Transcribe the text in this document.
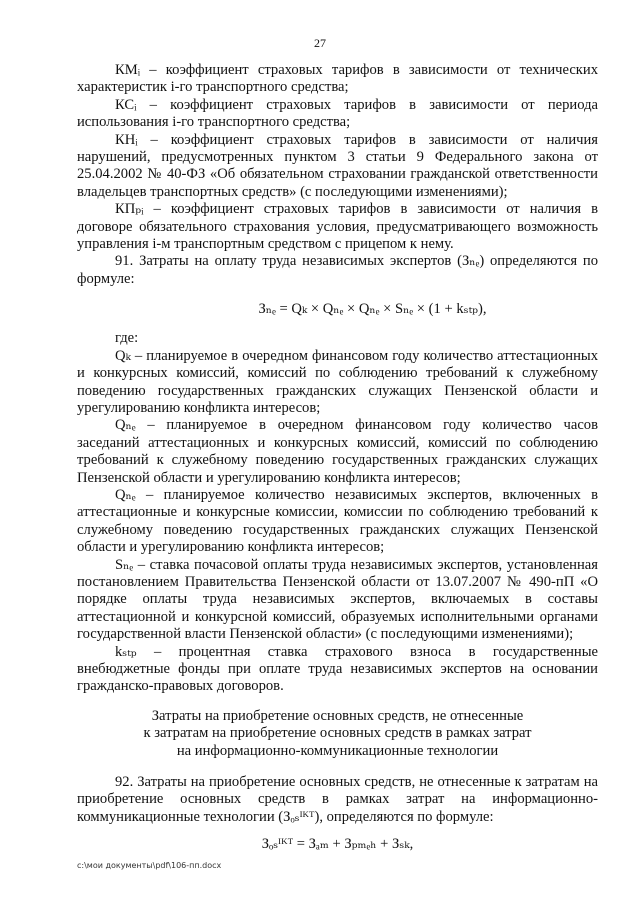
27

КМᵢ – коэффициент страховых тарифов в зависимости от технических характеристик i-го транспортного средства;

КСᵢ – коэффициент страховых тарифов в зависимости от периода использования i-го транспортного средства;

КНᵢ – коэффициент страховых тарифов в зависимости от наличия нарушений, предусмотренных пунктом 3 статьи 9 Федерального закона от 25.04.2002 № 40-ФЗ «Об обязательном страховании гражданской ответственности владельцев транспортных средств» (с последующими изменениями);

КПₚᵢ – коэффициент страховых тарифов в зависимости от наличия в договоре обязательного страхования условия, предусматривающего возможность управления i-м транспортным средством с прицепом к нему.

91. Затраты на оплату труда независимых экспертов (Зₙₑ) определяются по формуле:

Зₙₑ = Qₖ × Qₙₑ × Qₙₑ × Sₙₑ × (1 + kₛₜₚ),

где:

Qₖ – планируемое в очередном финансовом году количество аттестационных и конкурсных комиссий, комиссий по соблюдению требований к служебному поведению государственных гражданских служащих Пензенской области и урегулированию конфликта интересов;

Qₙₑ – планируемое в очередном финансовом году количество часов заседаний аттестационных и конкурсных комиссий, комиссий по соблюдению требований к служебному поведению государственных гражданских служащих Пензенской области и урегулированию конфликта интересов;

Qₙₑ – планируемое количество независимых экспертов, включенных в аттестационные и конкурсные комиссии, комиссии по соблюдению требований к служебному поведению государственных гражданских служащих Пензенской области и урегулированию конфликта интересов;

Sₙₑ – ставка почасовой оплаты труда независимых экспертов, установленная постановлением Правительства Пензенской области от 13.07.2007 № 490-пП «О порядке оплаты труда независимых экспертов, включаемых в составы аттестационной и конкурсной комиссий, образуемых исполнительными органами государственной власти Пензенской области» (с последующими изменениями);

kₛₜₚ – процентная ставка страхового взноса в государственные внебюджетные фонды при оплате труда независимых экспертов на основании гражданско-правовых договоров.

Затраты на приобретение основных средств, не отнесенные
к затратам на приобретение основных средств в рамках затрат
на информационно-коммуникационные технологии

92. Затраты на приобретение основных средств, не отнесенные к затратам на приобретение основных средств в рамках затрат на информационно-коммуникационные технологии (Зₒₛᴵᴷᵀ), определяются по формуле:

Зₒₛᴵᴷᵀ = Зₐₘ + Зₚₘₑₕ + Зₛₖ,
c:\мои документы\pdf\106-пп.docx
